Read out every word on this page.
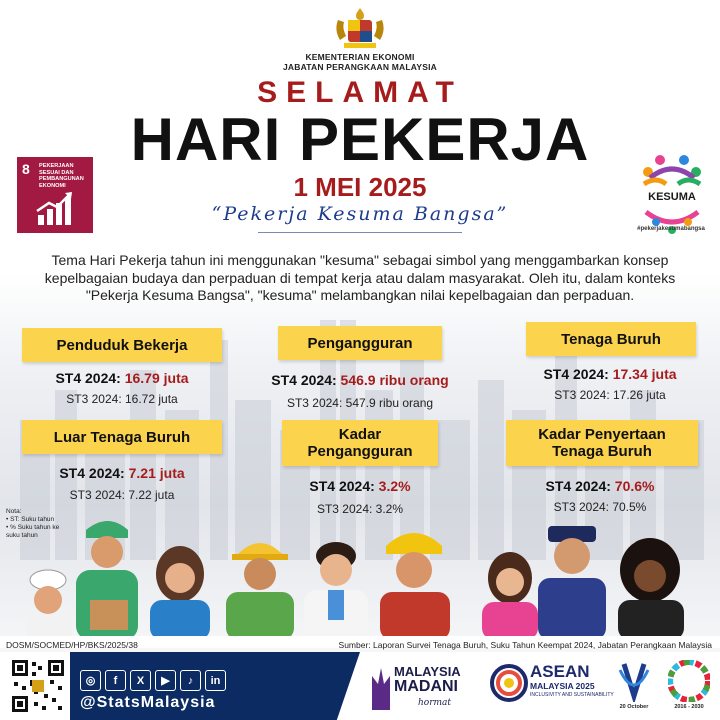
KEMENTERIAN EKONOMI
JABATAN PERANGKAAN MALAYSIA
SELAMAT
HARI PEKERJA
1 MEI 2025
“Pekerja Kesuma Bangsa”
8 PEKERJAAN SESUAI DAN PEMBANGUNAN EKONOMI
KESUMA
#pekerjakesumabangsa
Tema Hari Pekerja tahun ini menggunakan "kesuma" sebagai simbol yang menggambarkan konsep kepelbagaian budaya dan perpaduan di tempat kerja atau dalam masyarakat. Oleh itu, dalam konteks "Pekerja Kesuma Bangsa", "kesuma" melambangkan nilai kepelbagaian dan perpaduan.
Penduduk Bekerja
ST4 2024: 16.79 juta
ST3 2024: 16.72 juta
Pengangguran
ST4 2024: 546.9 ribu orang
ST3 2024: 547.9 ribu orang
Tenaga Buruh
ST4 2024: 17.34 juta
ST3 2024: 17.26 juta
Luar Tenaga Buruh
ST4 2024: 7.21 juta
ST3 2024: 7.22 juta
Kadar Pengangguran
ST4 2024: 3.2%
ST3 2024: 3.2%
Kadar Penyertaan Tenaga Buruh
ST4 2024: 70.6%
ST3 2024: 70.5%
Nota:
• ST: Suku tahun
• % Suku tahun ke suku tahun
DOSM/SOCMED/HP/BKS/2025/38	Sumber: Laporan Survei Tenaga Buruh, Suku Tahun Keempat 2024, Jabatan Perangkaan Malaysia
◎	f	X	▶	♪	in
@StatsMalaysia
MALAYSIA
MADANI
hormat
ASEAN
MALAYSIA 2025
INCLUSIVITY AND SUSTAINABILITY
20 October	2016 - 2030
